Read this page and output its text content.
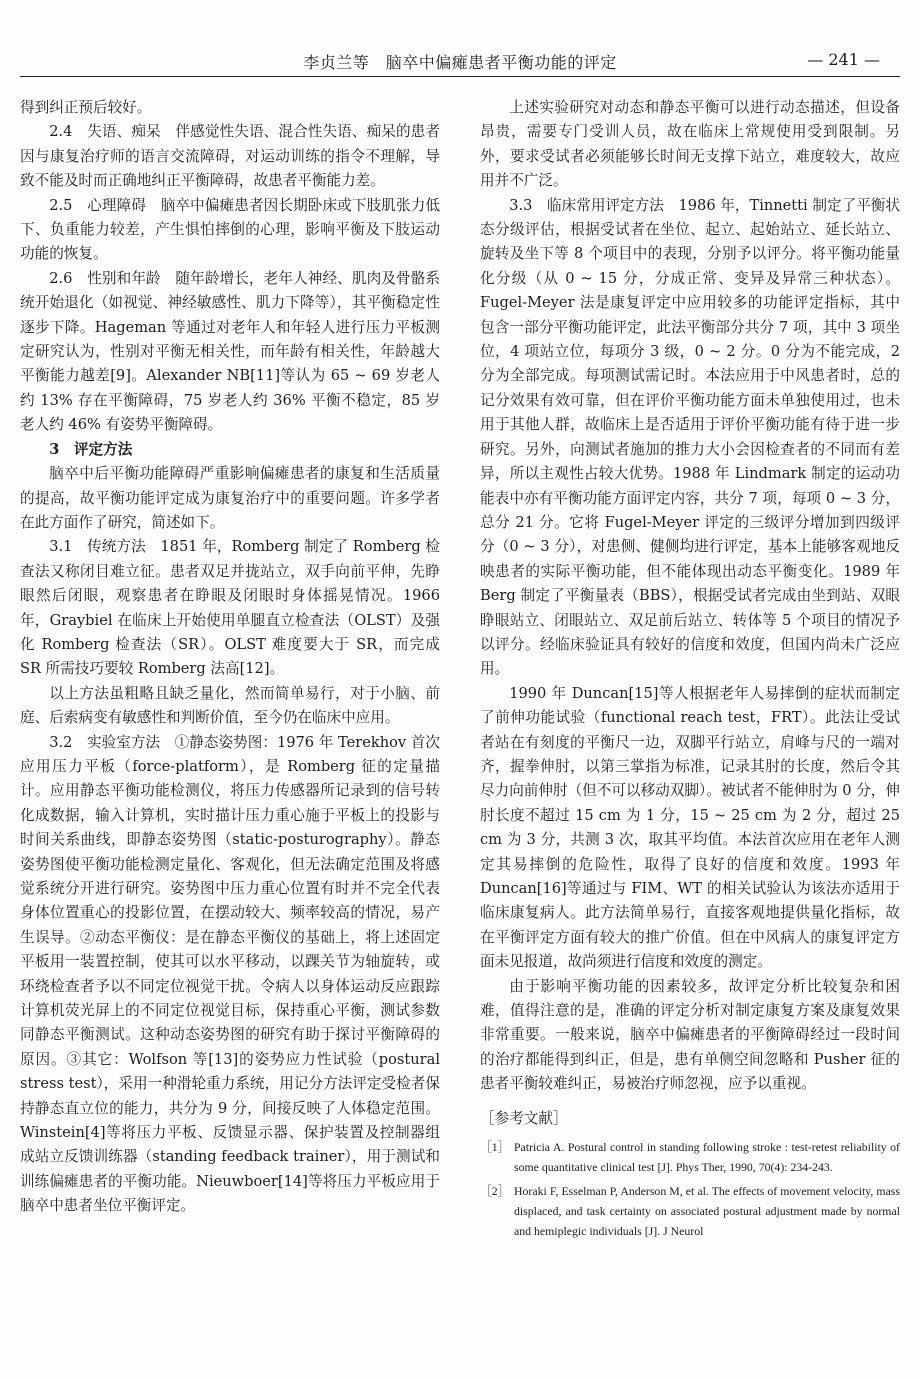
李贞兰等　脑卒中偏瘫患者平衡功能的评定	— 241 —

得到纠正预后较好。

2.4　失语、痴呆　伴感觉性失语、混合性失语、痴呆的患者因与康复治疗师的语言交流障碍，对运动训练的指令不理解，导致不能及时而正确地纠正平衡障碍，故患者平衡能力差。

2.5　心理障碍　脑卒中偏瘫患者因长期卧床或下肢肌张力低下、负重能力较差，产生惧怕摔倒的心理，影响平衡及下肢运动功能的恢复。

2.6　性别和年龄　随年龄增长，老年人神经、肌肉及骨骼系统开始退化（如视觉、神经敏感性、肌力下降等），其平衡稳定性逐步下降。Hageman 等通过对老年人和年轻人进行压力平板测定研究认为，性别对平衡无相关性，而年龄有相关性，年龄越大平衡能力越差[9]。Alexander NB[11]等认为 65 ~ 69 岁老人约 13% 存在平衡障碍，75 岁老人约 36% 平衡不稳定，85 岁老人约 46% 有姿势平衡障碍。

3　评定方法

脑卒中后平衡功能障碍严重影响偏瘫患者的康复和生活质量的提高，故平衡功能评定成为康复治疗中的重要问题。许多学者在此方面作了研究，简述如下。

3.1　传统方法　1851 年，Romberg 制定了 Romberg 检查法又称闭目难立征。患者双足并拢站立，双手向前平伸，先睁眼然后闭眼，观察患者在睁眼及闭眼时身体摇晃情况。1966 年，Graybiel 在临床上开始使用单腿直立检查法（OLST）及强化 Romberg 检查法（SR）。OLST 难度要大于 SR，而完成 SR 所需技巧要较 Romberg 法高[12]。

以上方法虽粗略且缺乏量化，然而简单易行，对于小脑、前庭、后索病变有敏感性和判断价值，至今仍在临床中应用。

3.2　实验室方法　①静态姿势图：1976 年 Terekhov 首次应用压力平板（force-platform），是 Romberg 征的定量描计。应用静态平衡功能检测仪，将压力传感器所记录到的信号转化成数据，输入计算机，实时描计压力重心施于平板上的投影与时间关系曲线，即静态姿势图（static-posturography）。静态姿势图使平衡功能检测定量化、客观化，但无法确定范围及将感觉系统分开进行研究。姿势图中压力重心位置有时并不完全代表身体位置重心的投影位置，在摆动较大、频率较高的情况，易产生误导。②动态平衡仪：是在静态平衡仪的基础上，将上述固定平板用一装置控制，使其可以水平移动，以踝关节为轴旋转，或环绕检查者予以不同定位视觉干扰。令病人以身体运动反应跟踪计算机荧光屏上的不同定位视觉目标，保持重心平衡，测试参数同静态平衡测试。这种动态姿势图的研究有助于探讨平衡障碍的原因。③其它：Wolfson 等[13]的姿势应力性试验（postural stress test），采用一种滑轮重力系统，用记分方法评定受检者保持静态直立位的能力，共分为 9 分，间接反映了人体稳定范围。Winstein[4]等将压力平板、反馈显示器、保护装置及控制器组成站立反馈训练器（standing feedback trainer），用于测试和训练偏瘫患者的平衡功能。Nieuwboer[14]等将压力平板应用于脑卒中患者坐位平衡评定。

上述实验研究对动态和静态平衡可以进行动态描述，但设备昂贵，需要专门受训人员，故在临床上常规使用受到限制。另外，要求受试者必须能够长时间无支撑下站立，难度较大，故应用并不广泛。

3.3　临床常用评定方法　1986 年，Tinnetti 制定了平衡状态分级评估，根据受试者在坐位、起立、起始站立、延长站立、旋转及坐下等 8 个项目中的表现，分别予以评分。将平衡功能量化分级（从 0 ~ 15 分，分成正常、变异及异常三种状态）。Fugel-Meyer 法是康复评定中应用较多的功能评定指标，其中包含一部分平衡功能评定，此法平衡部分共分 7 项，其中 3 项坐位，4 项站立位，每项分 3 级，0 ~ 2 分。0 分为不能完成，2 分为全部完成。每项测试需记时。本法应用于中风患者时，总的记分效果有效可靠，但在评价平衡功能方面未单独使用过，也未用于其他人群，故临床上是否适用于评价平衡功能有待于进一步研究。另外，向测试者施加的推力大小会因检查者的不同而有差异，所以主观性占较大优势。1988 年 Lindmark 制定的运动功能表中亦有平衡功能方面评定内容，共分 7 项，每项 0 ~ 3 分，总分 21 分。它将 Fugel-Meyer 评定的三级评分增加到四级评分（0 ~ 3 分），对患侧、健侧均进行评定，基本上能够客观地反映患者的实际平衡功能，但不能体现出动态平衡变化。1989 年 Berg 制定了平衡量表（BBS），根据受试者完成由坐到站、双眼睁眼站立、闭眼站立、双足前后站立、转体等 5 个项目的情况予以评分。经临床验证具有较好的信度和效度，但国内尚未广泛应用。

1990 年 Duncan[15]等人根据老年人易摔倒的症状而制定了前伸功能试验（functional reach test，FRT）。此法让受试者站在有刻度的平衡尺一边，双脚平行站立，肩峰与尺的一端对齐，握拳伸肘，以第三掌指为标准，记录其肘的长度，然后令其尽力向前伸肘（但不可以移动双脚）。被试者不能伸肘为 0 分，伸肘长度不超过 15 cm 为 1 分，15 ~ 25 cm 为 2 分，超过 25 cm 为 3 分，共测 3 次，取其平均值。本法首次应用在老年人测定其易摔倒的危险性，取得了良好的信度和效度。1993 年 Duncan[16]等通过与 FIM、WT 的相关试验认为该法亦适用于临床康复病人。此方法简单易行，直接客观地提供量化指标，故在平衡评定方面有较大的推广价值。但在中风病人的康复评定方面未见报道，故尚须进行信度和效度的测定。

由于影响平衡功能的因素较多，故评定分析比较复杂和困难，值得注意的是，准确的评定分析对制定康复方案及康复效果非常重要。一般来说，脑卒中偏瘫患者的平衡障碍经过一段时间的治疗都能得到纠正，但是，患有单侧空间忽略和 Pusher 征的患者平衡较难纠正，易被治疗师忽视，应予以重视。

［参考文献］

［1］ Patricia A. Postural control in standing following stroke : test-retest reliability of some quantitative clinical test [J]. Phys Ther, 1990, 70(4): 234-243.

［2］ Horaki F, Esselman P, Anderson M, et al. The effects of movement velocity, mass displaced, and task certainty on associated postural adjustment made by normal and hemiplegic individuals [J]. J Neurol
